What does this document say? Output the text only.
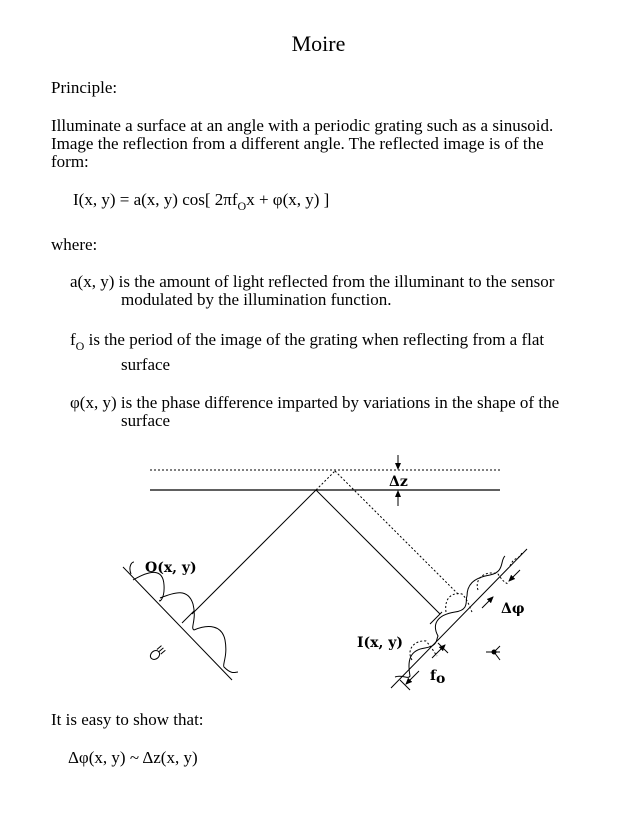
Moire
Principle:
Illuminate a surface at an angle with a periodic grating such as a sinusoid.
Image the reflection from a different angle. The reflected image is of the
form:
I(x, y) = a(x, y) cos[ $2\pi f_Ox + \varphi(x$, y) ]
where:
a(x, y) is the amount of light reflected from the illuminant to the sensor
modulated by the illumination function.
$f_O$ is the period of the image of the grating when reflecting from a flat
surface
φ(x, y) is the phase difference imparted by variations in the shape of the
surface
Δz
O(x, y)
I(x, y)
Δφ
fo
It is easy to show that:
Δφ(x, y) ~ Δz(x, y)
